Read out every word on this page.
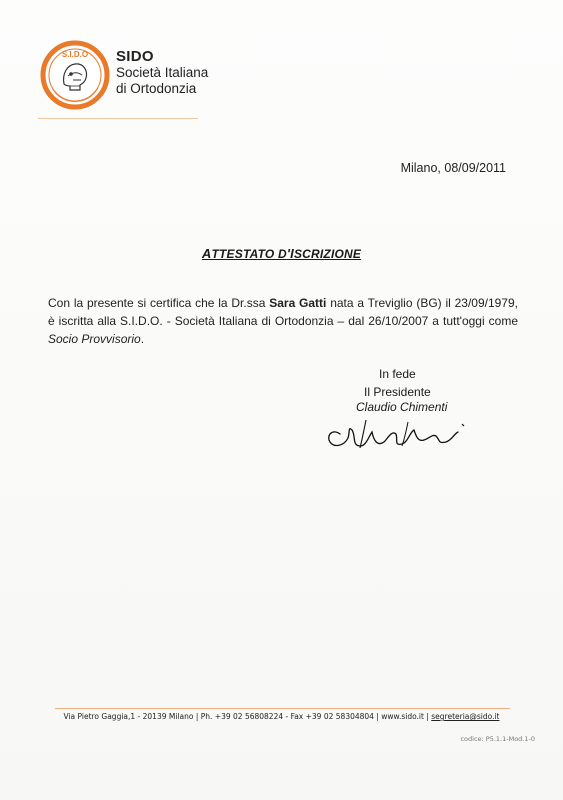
S.I.D.O SIDO
Società Italiana
di Ortodonzia
Milano, 08/09/2011
ATTESTATO D'ISCRIZIONE
Con la presente si certifica che la Dr.ssa Sara Gatti nata a Treviglio (BG) il 23/09/1979, è iscritta alla S.I.D.O. - Società Italiana di Ortodonzia – dal 26/10/2007 a tutt'oggi come Socio Provvisorio.
In fede
Il Presidente
Claudio Chimenti
Via Pietro Gaggia,1 - 20139 Milano | Ph. +39 02 56808224 - Fax +39 02 58304804 | www.sido.it | segreteria@sido.it
codice: P5.1.1-Mod.1-0
